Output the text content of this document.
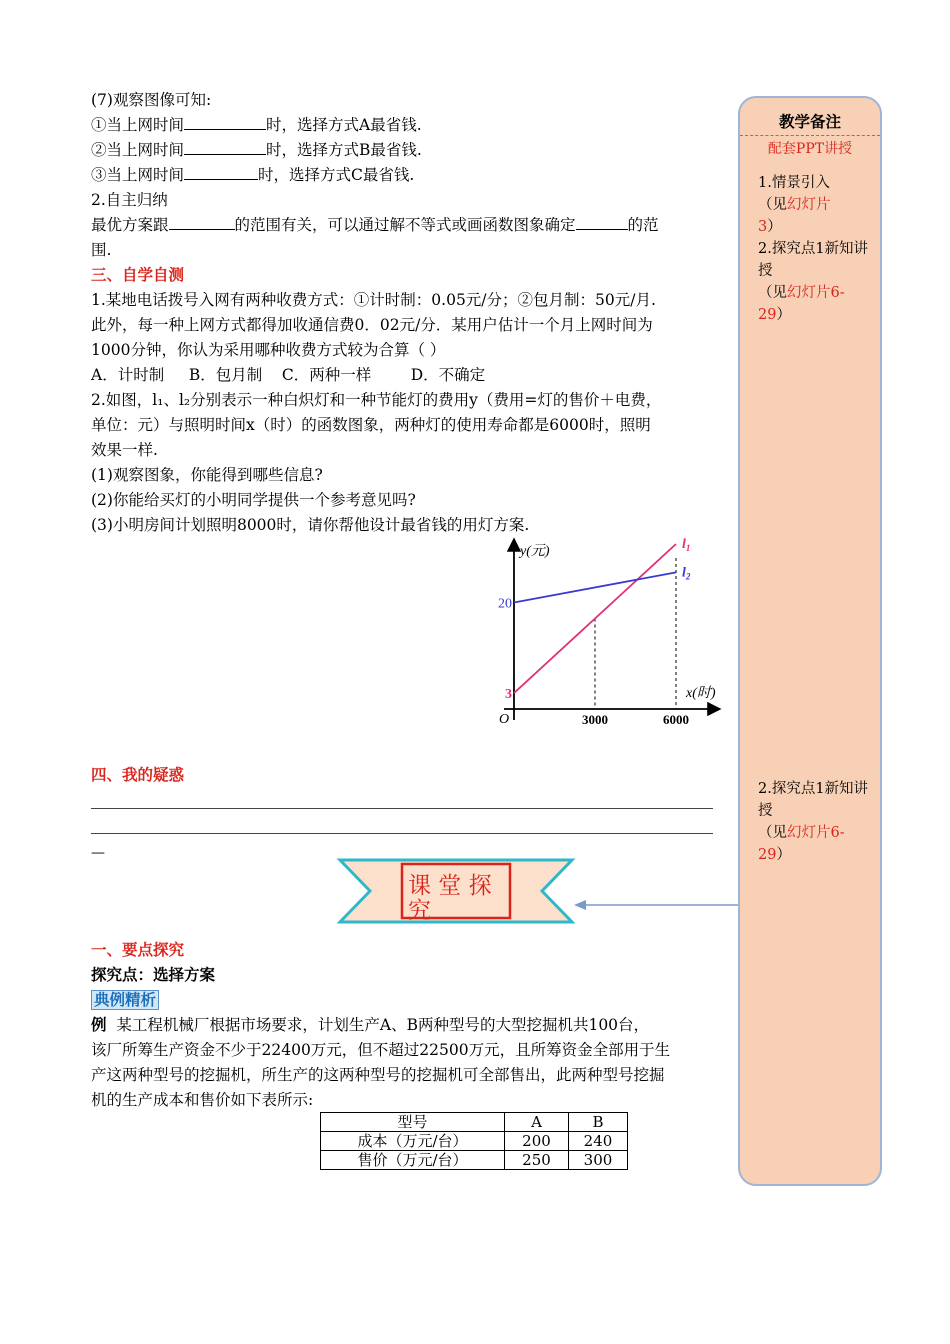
(7)观察图像可知:
①当上网时间	时，选择方式A最省钱.
②当上网时间	时，选择方式B最省钱.
③当上网时间	时，选择方式C最省钱.
2.自主归纳
最优方案跟	的范围有关，可以通过解不等式或画函数图象确定	的范
围.
三、自学自测
1.某地电话拨号入网有两种收费方式：①计时制：0.05元/分；②包月制：50元/月.
此外，每一种上网方式都得加收通信费0．02元/分．某用户估计一个月上网时间为
1000分钟，你认为采用哪种收费方式较为合算（ ）
A．计时制     B．包月制    C．两种一样        D．不确定
2.如图，l₁、l₂分别表示一种白炽灯和一种节能灯的费用y（费用=灯的售价＋电费，
单位：元）与照明时间x（时）的函数图象，两种灯的使用寿命都是6000时，照明
效果一样.
(1)观察图象，你能得到哪些信息?
(2)你能给买灯的小明同学提供一个参考意见吗?
(3)小明房间计划照明8000时，请你帮他设计最省钱的用灯方案.
$l_1$
$l_2$
3000	6000
3
20
y(元)
x(时)
O
四、我的疑惑
—
课 堂 探
究
一、要点探究
探究点：选择方案
典例精析
例  某工程机械厂根据市场要求，计划生产A、B两种型号的大型挖掘机共100台，
该厂所筹生产资金不少于22400万元，但不超过22500万元，且所筹资金全部用于生
产这两种型号的挖掘机，所生产的这两种型号的挖掘机可全部售出，此两种型号挖掘
机的生产成本和售价如下表所示:
型号	A	B
成本（万元/台）	200	240
售价（万元/台）	250	300
教学备注
配套PPT讲授
1.情景引入
（见幻灯片
3）
2.探究点1新知讲授
（见幻灯片6-29）
2.探究点1新知讲授
（见幻灯片6-29）
